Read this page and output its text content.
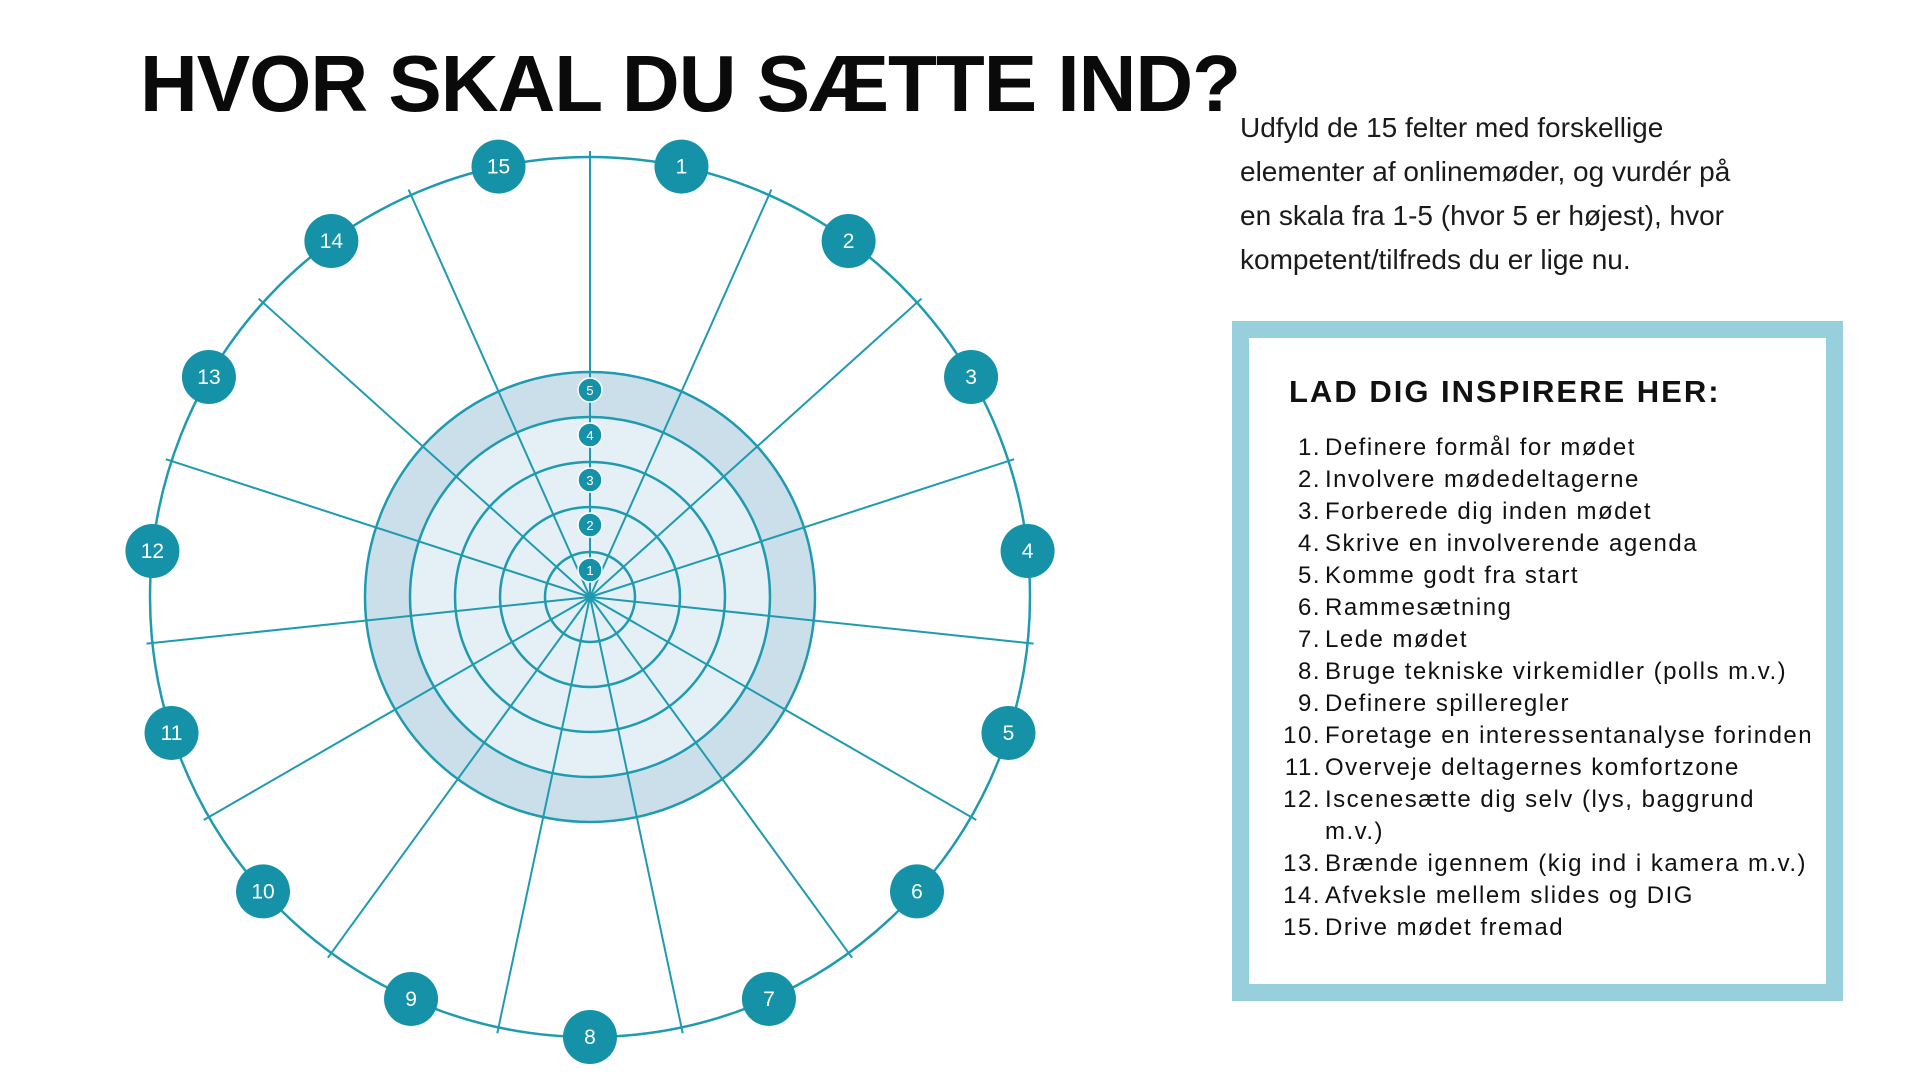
HVOR SKAL DU SÆTTE IND?
1
2
3
4
5
1
2
3
4
5
6
7
8
9
10
11
12
13
14
15

Udfyld de 15 felter med forskellige elementer af onlinemøder, og vurdér på en skala fra 1-5 (hvor 5 er højest), hvor kompetent/tilfreds du er lige nu.

LAD DIG INSPIRERE HER:
1. Definere formål for mødet
2. Involvere mødedeltagerne
3. Forberede dig inden mødet
4. Skrive en involverende agenda
5. Komme godt fra start
6. Rammesætning
7. Lede mødet
8. Bruge tekniske virkemidler (polls m.v.)
9. Definere spilleregler
10. Foretage en interessentanalyse forinden
11. Overveje deltagernes komfortzone
12. Iscenesætte dig selv (lys, baggrund m.v.)
13. Brænde igennem (kig ind i kamera m.v.)
14. Afveksle mellem slides og DIG
15. Drive mødet fremad
